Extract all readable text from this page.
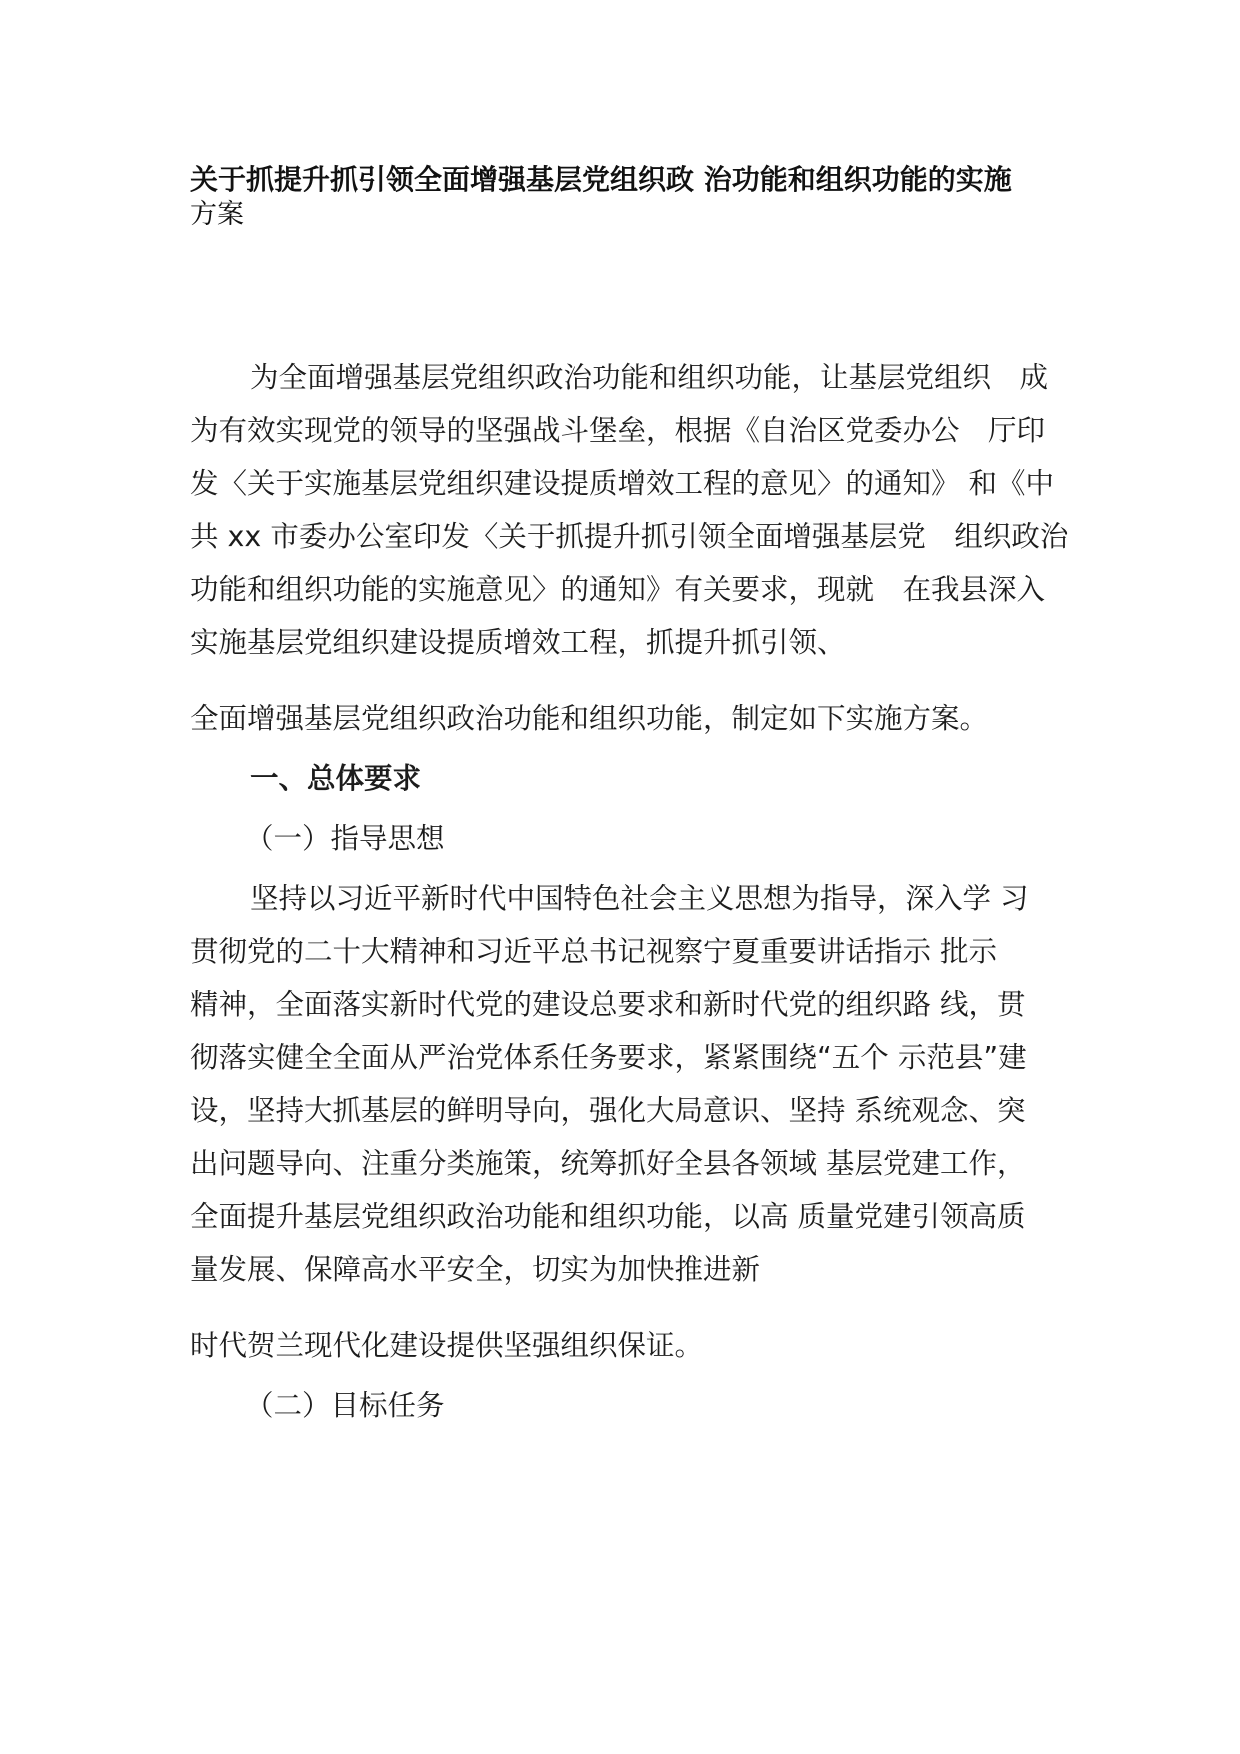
关于抓提升抓引领全面增强基层党组织政 治功能和组织功能的实施
方案
为全面增强基层党组织政治功能和组织功能，让基层党组织　成
为有效实现党的领导的坚强战斗堡垒，根据《自治区党委办公　厅印
发〈关于实施基层党组织建设提质增效工程的意见〉的通知》 和《中
共 xx 市委办公室印发〈关于抓提升抓引领全面增强基层党　组织政治
功能和组织功能的实施意见〉的通知》有关要求，现就　在我县深入
实施基层党组织建设提质增效工程，抓提升抓引领、
全面增强基层党组织政治功能和组织功能，制定如下实施方案。
一、总体要求
（一）指导思想
坚持以习近平新时代中国特色社会主义思想为指导，深入学 习
贯彻党的二十大精神和习近平总书记视察宁夏重要讲话指示 批示
精神，全面落实新时代党的建设总要求和新时代党的组织路 线，贯
彻落实健全全面从严治党体系任务要求，紧紧围绕“五个 示范县”建
设，坚持大抓基层的鲜明导向，强化大局意识、坚持 系统观念、突
出问题导向、注重分类施策，统筹抓好全县各领域 基层党建工作，
全面提升基层党组织政治功能和组织功能，以高 质量党建引领高质
量发展、保障高水平安全，切实为加快推进新
时代贺兰现代化建设提供坚强组织保证。
（二）目标任务
